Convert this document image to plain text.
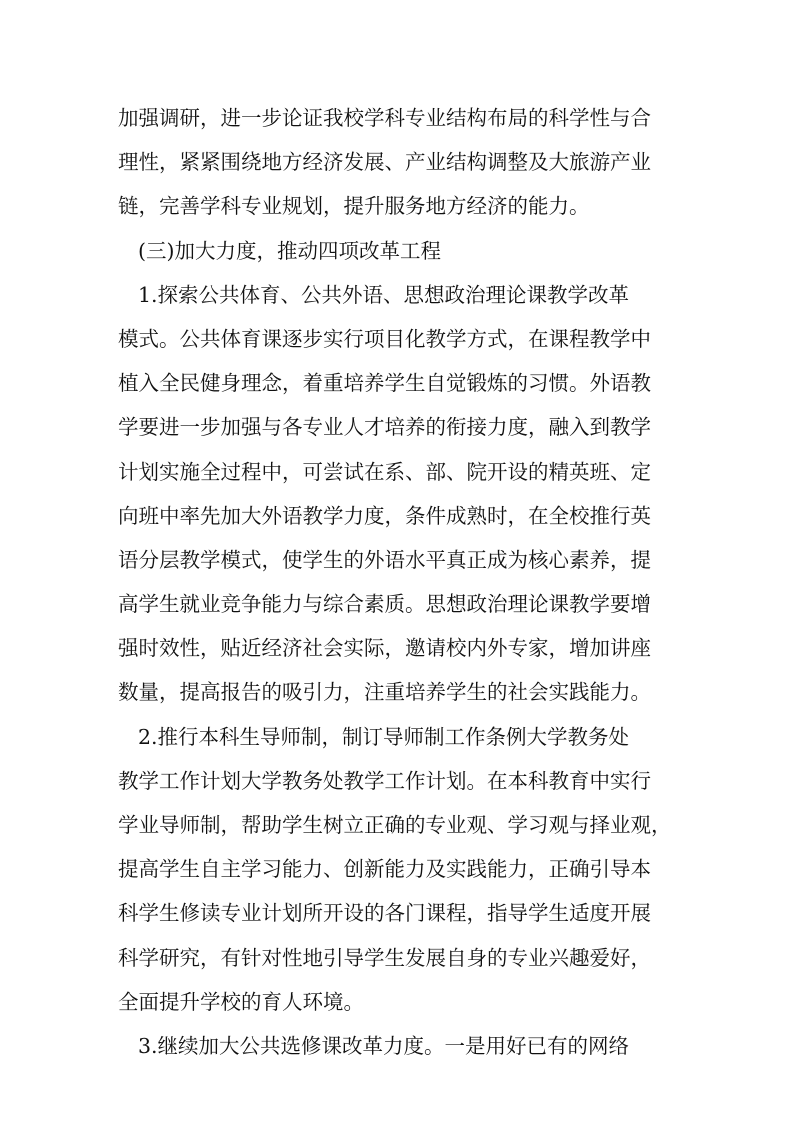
加强调研，进一步论证我校学科专业结构布局的科学性与合
理性，紧紧围绕地方经济发展、产业结构调整及大旅游产业
链，完善学科专业规划，提升服务地方经济的能力。
(三)加大力度，推动四项改革工程
1.探索公共体育、公共外语、思想政治理论课教学改革
模式。公共体育课逐步实行项目化教学方式，在课程教学中
植入全民健身理念，着重培养学生自觉锻炼的习惯。外语教
学要进一步加强与各专业人才培养的衔接力度，融入到教学
计划实施全过程中，可尝试在系、部、院开设的精英班、定
向班中率先加大外语教学力度，条件成熟时，在全校推行英
语分层教学模式，使学生的外语水平真正成为核心素养，提
高学生就业竞争能力与综合素质。思想政治理论课教学要增
强时效性，贴近经济社会实际，邀请校内外专家，增加讲座
数量，提高报告的吸引力，注重培养学生的社会实践能力。
2.推行本科生导师制，制订导师制工作条例大学教务处
教学工作计划大学教务处教学工作计划。在本科教育中实行
学业导师制，帮助学生树立正确的专业观、学习观与择业观，
提高学生自主学习能力、创新能力及实践能力，正确引导本
科学生修读专业计划所开设的各门课程，指导学生适度开展
科学研究，有针对性地引导学生发展自身的专业兴趣爱好，
全面提升学校的育人环境。
3.继续加大公共选修课改革力度。一是用好已有的网络
